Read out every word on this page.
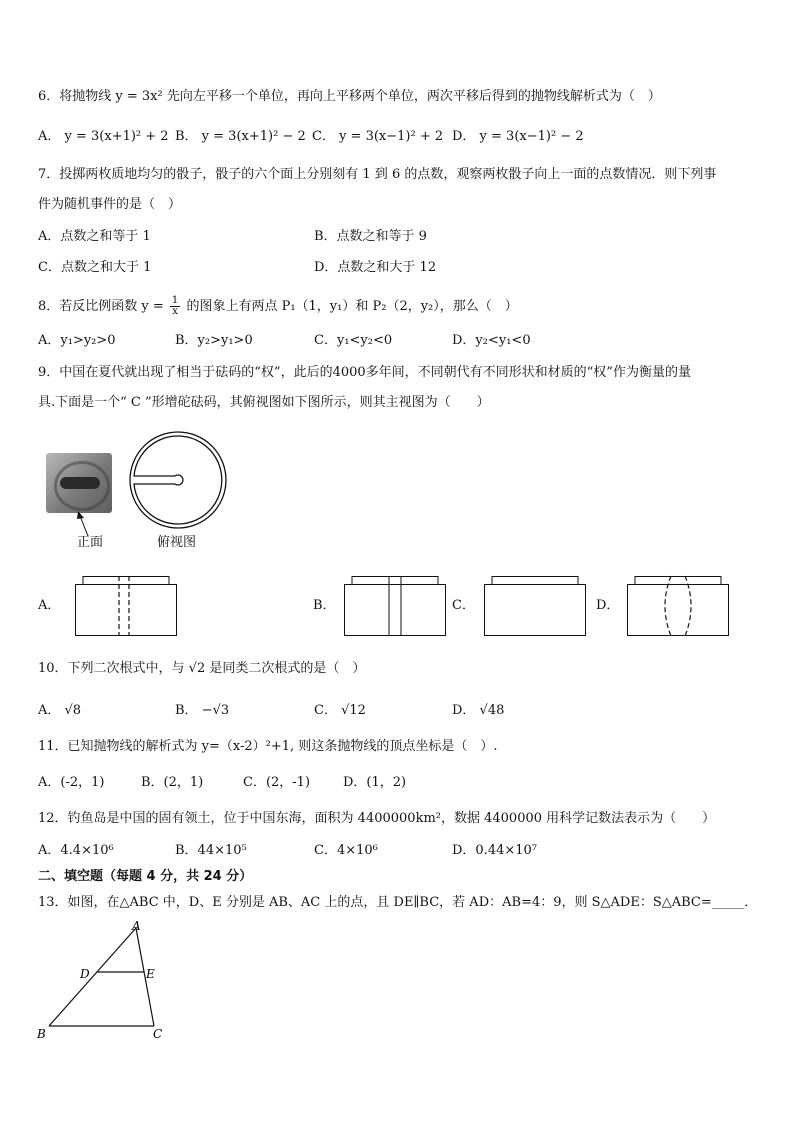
6．将抛物线 y = 3x² 先向左平移一个单位，再向上平移两个单位，两次平移后得到的抛物线解析式为（　）
A． y = 3(x+1)² + 2 B． y = 3(x+1)² − 2 C． y = 3(x−1)² + 2 D． y = 3(x−1)² − 2
7．投掷两枚质地均匀的骰子，骰子的六个面上分别刻有 1 到 6 的点数，观察两枚骰子向上一面的点数情况．则下列事
件为随机事件的是（　）
A．点数之和等于 1	B．点数之和等于 9
C．点数之和大于 1	D．点数之和大于 12
8．若反比例函数 $y = \frac{1}{x}$ 的图象上有两点 P₁（1，y₁）和 P₂（2，y₂），那么（　）
A．y₁>y₂>0	B．y₂>y₁>0	C．y₁<y₂<0	D．y₂<y₁<0
9．中国在夏代就出现了相当于砝码的“权”，此后的4000多年间，不同朝代有不同形状和材质的“权”作为衡量的量
具.下面是一个“ C ”形增砣砝码，其俯视图如下图所示，则其主视图为（　　）
正面	俯视图
A．	B．	C．	D．
10．下列二次根式中，与 √2 是同类二次根式的是（　）
A． √8	B． −√3	C． √12	D． √48
11．已知抛物线的解析式为 y=（x-2）²+1, 则这条抛物线的顶点坐标是（　）.
A．(-2，1)	B．(2，1)	C．(2，-1)	D．(1，2)
12．钓鱼岛是中国的固有领土，位于中国东海，面积为 4400000km²，数据 4400000 用科学记数法表示为（　　）
A．4.4×10⁶	B．44×10⁵	C．4×10⁶	D．0.44×10⁷
二、填空题（每题 4 分，共 24 分）
13．如图，在△ABC 中，D、E 分别是 AB、AC 上的点，且 DE∥BC，若 AD：AB=4：9，则 S△ADE：S△ABC=_____．
A
D	E
B	C
